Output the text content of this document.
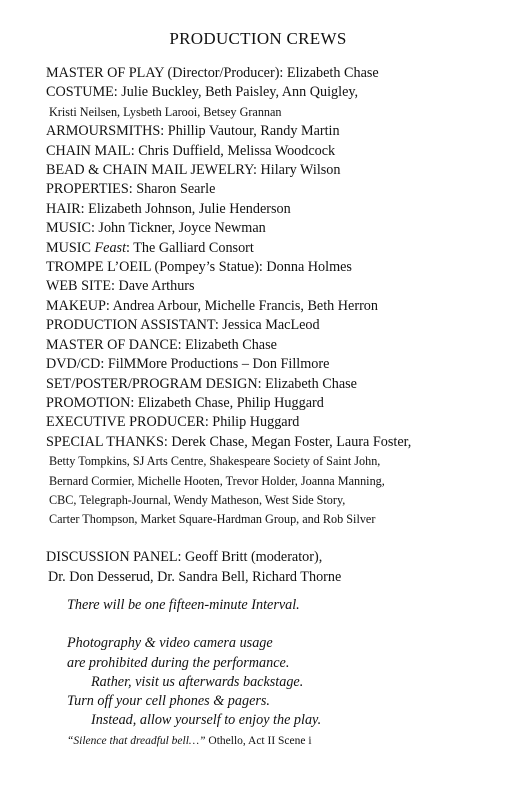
PRODUCTION CREWS
MASTER OF PLAY (Director/Producer): Elizabeth Chase
COSTUME: Julie Buckley, Beth Paisley, Ann Quigley,
Kristi Neilsen, Lysbeth Larooi, Betsey Grannan
ARMOURSMITHS: Phillip Vautour, Randy Martin
CHAIN MAIL: Chris Duffield, Melissa Woodcock
BEAD & CHAIN MAIL JEWELRY: Hilary Wilson
PROPERTIES: Sharon Searle
HAIR: Elizabeth Johnson, Julie Henderson
MUSIC: John Tickner, Joyce Newman
MUSIC Feast: The Galliard Consort
TROMPE L’OEIL (Pompey’s Statue): Donna Holmes
WEB SITE: Dave Arthurs
MAKEUP: Andrea Arbour, Michelle Francis, Beth Herron
PRODUCTION ASSISTANT: Jessica MacLeod
MASTER OF DANCE: Elizabeth Chase
DVD/CD: FilMMore Productions – Don Fillmore
SET/POSTER/PROGRAM DESIGN: Elizabeth Chase
PROMOTION: Elizabeth Chase, Philip Huggard
EXECUTIVE PRODUCER: Philip Huggard
SPECIAL THANKS: Derek Chase, Megan Foster, Laura Foster,
Betty Tompkins, SJ Arts Centre, Shakespeare Society of Saint John,
Bernard Cormier, Michelle Hooten, Trevor Holder, Joanna Manning,
CBC, Telegraph-Journal, Wendy Matheson, West Side Story,
Carter Thompson, Market Square-Hardman Group, and Rob Silver
DISCUSSION PANEL: Geoff Britt (moderator),
Dr. Don Desserud, Dr. Sandra Bell, Richard Thorne
There will be one fifteen-minute Interval.
Photography & video camera usage
are prohibited during the performance.
Rather, visit us afterwards backstage.
Turn off your cell phones & pagers.
Instead, allow yourself to enjoy the play.
“Silence that dreadful bell…” Othello, Act II Scene i
